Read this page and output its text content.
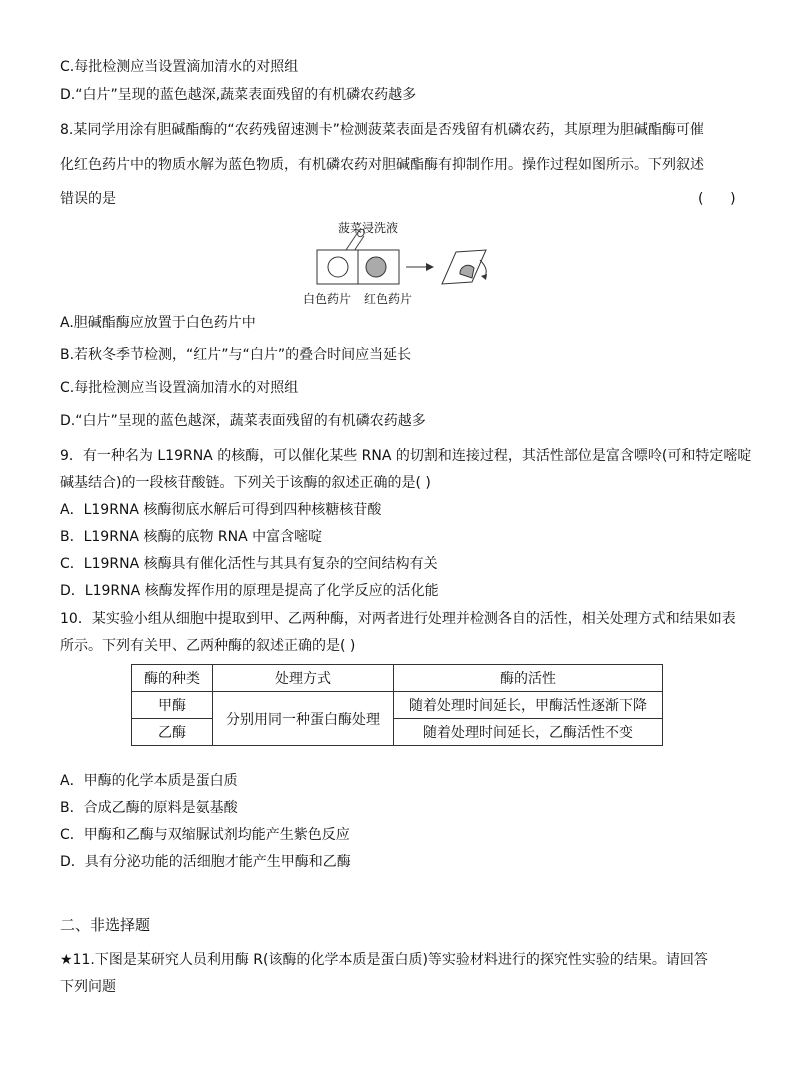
C.每批检测应当设置滴加清水的对照组
D.“白片”呈现的蓝色越深,蔬菜表面残留的有机磷农药越多
8.某同学用涂有胆碱酯酶的“农药残留速测卡”检测菠菜表面是否残留有机磷农药，其原理为胆碱酯酶可催
化红色药片中的物质水解为蓝色物质，有机磷农药对胆碱酯酶有抑制作用。操作过程如图所示。下列叙述
错误的是	(      )
菠菜浸洗液
白色药片 红色药片
A.胆碱酯酶应放置于白色药片中
B.若秋冬季节检测，“红片”与“白片”的叠合时间应当延长
C.每批检测应当设置滴加清水的对照组
D.“白片”呈现的蓝色越深，蔬菜表面残留的有机磷农药越多
9．有一种名为 L19RNA 的核酶，可以催化某些 RNA 的切割和连接过程，其活性部位是富含嘌呤(可和特定嘧啶
碱基结合)的一段核苷酸链。下列关于该酶的叙述正确的是( )
A．L19RNA 核酶彻底水解后可得到四种核糖核苷酸
B．L19RNA 核酶的底物 RNA 中富含嘧啶
C．L19RNA 核酶具有催化活性与其具有复杂的空间结构有关
D．L19RNA 核酶发挥作用的原理是提高了化学反应的活化能
10．某实验小组从细胞中提取到甲、乙两种酶，对两者进行处理并检测各自的活性，相关处理方式和结果如表
所示。下列有关甲、乙两种酶的叙述正确的是( )
酶的种类	处理方式	酶的活性
甲酶	分别用同一种蛋白酶处理	随着处理时间延长，甲酶活性逐渐下降
乙酶		随着处理时间延长，乙酶活性不变
A．甲酶的化学本质是蛋白质
B．合成乙酶的原料是氨基酸
C．甲酶和乙酶与双缩脲试剂均能产生紫色反应
D．具有分泌功能的活细胞才能产生甲酶和乙酶
二、非选择题
★11.下图是某研究人员利用酶 R(该酶的化学本质是蛋白质)等实验材料进行的探究性实验的结果。请回答
下列问题
